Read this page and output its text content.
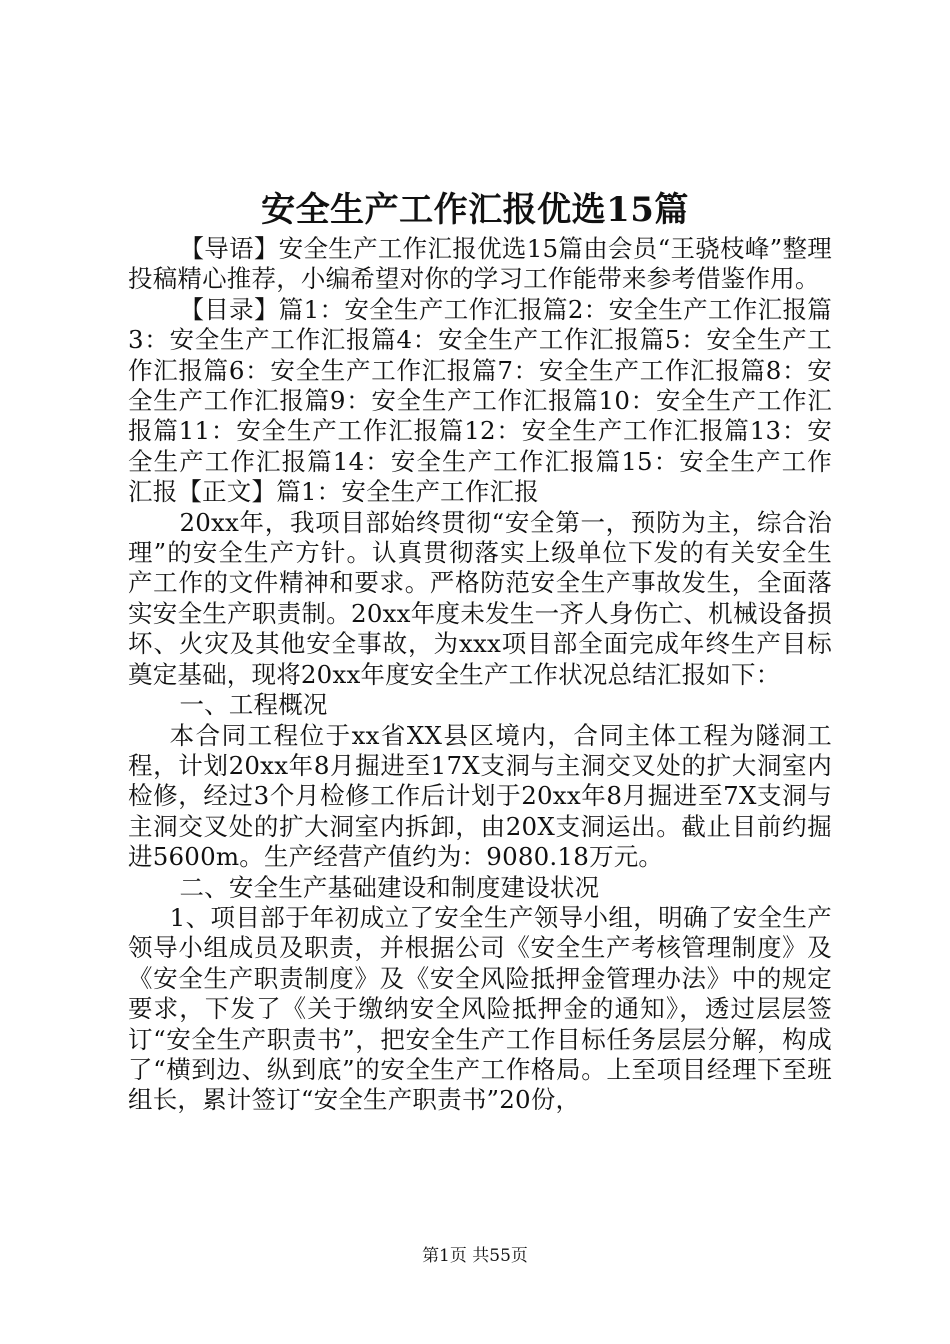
安全生产工作汇报优选15篇

【导语】安全生产工作汇报优选15篇由会员“王骁枝峰”整理投稿精心推荐，小编希望对你的学习工作能带来参考借鉴作用。

【目录】篇1：安全生产工作汇报篇2：安全生产工作汇报篇3：安全生产工作汇报篇4：安全生产工作汇报篇5：安全生产工作汇报篇6：安全生产工作汇报篇7：安全生产工作汇报篇8：安全生产工作汇报篇9：安全生产工作汇报篇10：安全生产工作汇报篇11：安全生产工作汇报篇12：安全生产工作汇报篇13：安全生产工作汇报篇14：安全生产工作汇报篇15：安全生产工作汇报【正文】篇1：安全生产工作汇报

20xx年，我项目部始终贯彻“安全第一，预防为主，综合治理”的安全生产方针。认真贯彻落实上级单位下发的有关安全生产工作的文件精神和要求。严格防范安全生产事故发生，全面落实安全生产职责制。20xx年度未发生一齐人身伤亡、机械设备损坏、火灾及其他安全事故，为xxx项目部全面完成年终生产目标奠定基础，现将20xx年度安全生产工作状况总结汇报如下：

一、工程概况

本合同工程位于xx省XX县区境内，合同主体工程为隧洞工程，计划20xx年8月掘进至17X支洞与主洞交叉处的扩大洞室内检修，经过3个月检修工作后计划于20xx年8月掘进至7X支洞与主洞交叉处的扩大洞室内拆卸，由20X支洞运出。截止目前约掘进5600m。生产经营产值约为：9080.18万元。

二、安全生产基础建设和制度建设状况

1、项目部于年初成立了安全生产领导小组，明确了安全生产领导小组成员及职责，并根据公司《安全生产考核管理制度》及《安全生产职责制度》及《安全风险抵押金管理办法》中的规定要求，下发了《关于缴纳安全风险抵押金的通知》，透过层层签订“安全生产职责书”，把安全生产工作目标任务层层分解，构成了“横到边、纵到底”的安全生产工作格局。上至项目经理下至班组长，累计签订“安全生产职责书”20份，

第1页 共55页
